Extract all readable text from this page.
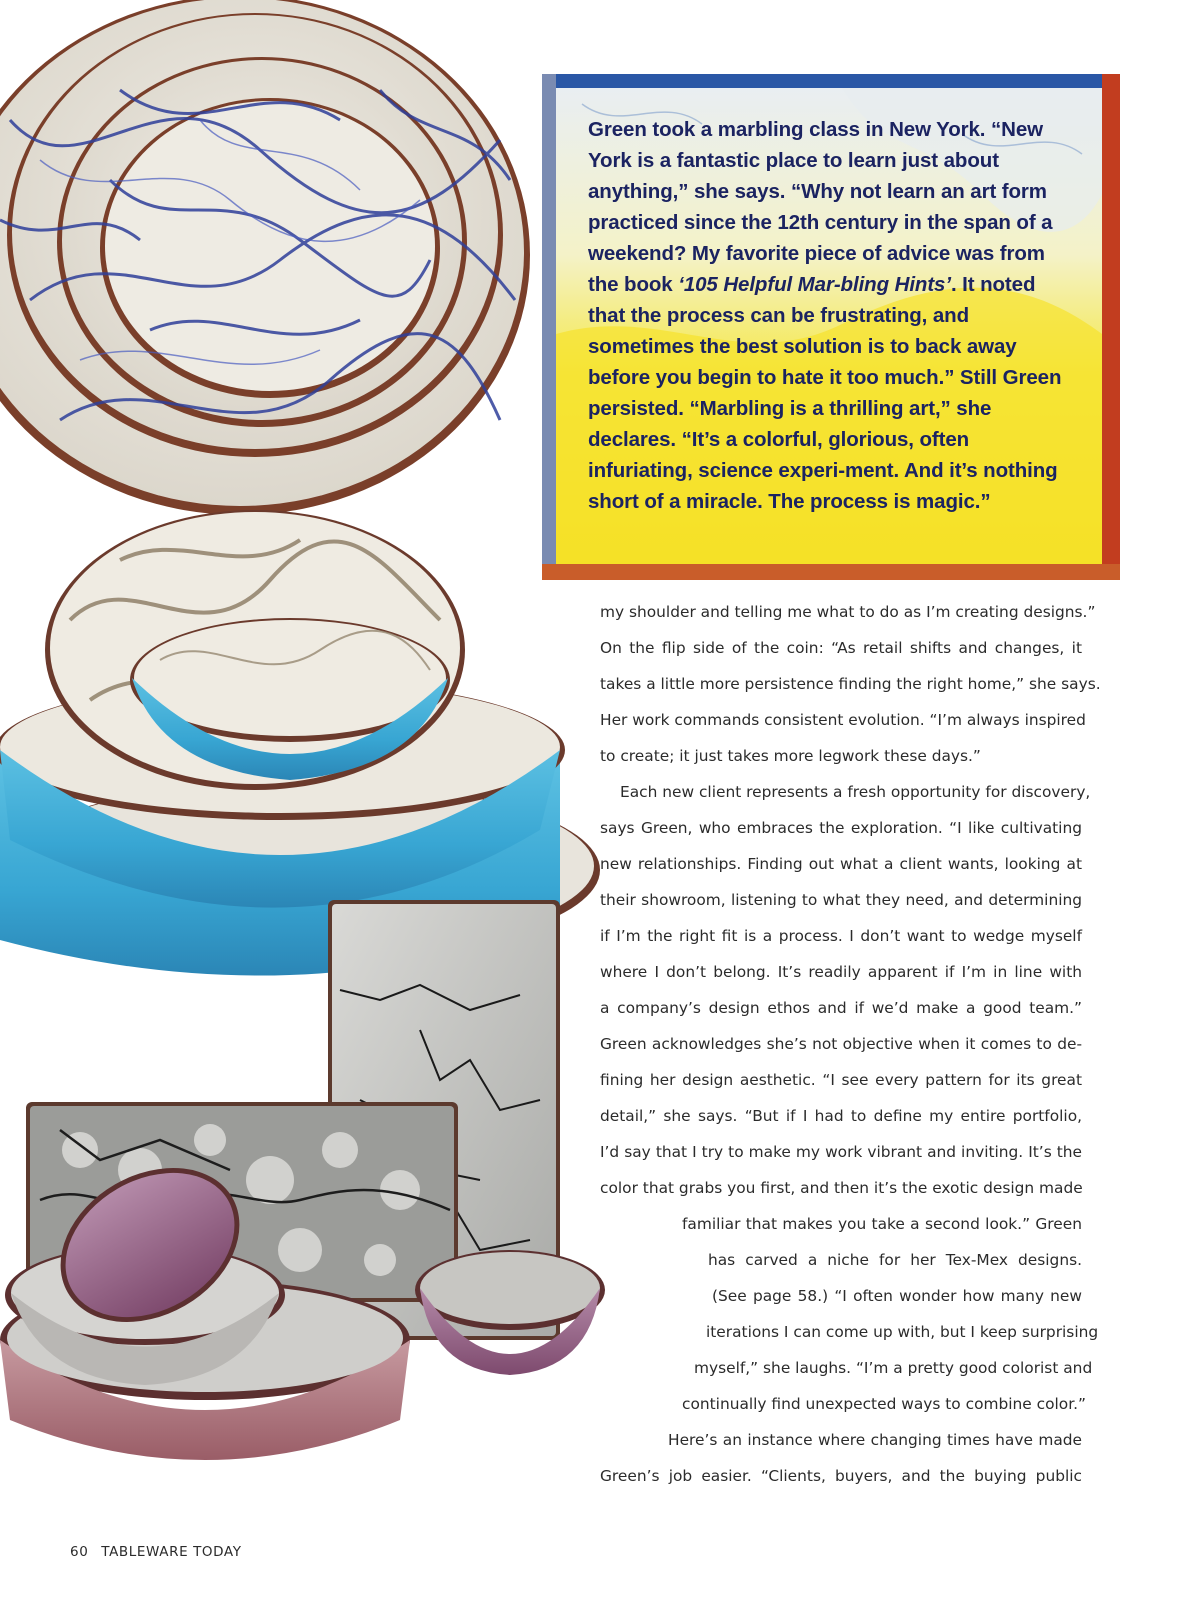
Green took a marbling class in New York. “New York is a fantastic place to learn just about anything,” she says. “Why not learn an art form practiced since the 12th century in the span of a weekend? My favorite piece of advice was from the book ‘105 Helpful Mar-bling Hints’. It noted that the process can be frustrating, and sometimes the best solution is to back away before you begin to hate it too much.” Still Green persisted. “Marbling is a thrilling art,” she declares. “It’s a colorful, glorious, often infuriating, science experi-ment. And it’s nothing short of a miracle. The process is magic.”

my shoulder and telling me what to do as I’m creating designs.”
On the flip side of the coin: “As retail shifts and changes, it
takes a little more persistence finding the right home,” she says.
Her work commands consistent evolution. “I’m always inspired
to create; it just takes more legwork these days.”
Each new client represents a fresh opportunity for discovery,
says Green, who embraces the exploration. “I like cultivating
new relationships. Finding out what a client wants, looking at
their showroom, listening to what they need, and determining
if I’m the right fit is a process. I don’t want to wedge myself
where I don’t belong. It’s readily apparent if I’m in line with
a company’s design ethos and if we’d make a good team.”
Green acknowledges she’s not objective when it comes to de-
fining her design aesthetic. “I see every pattern for its great
detail,” she says. “But if I had to define my entire portfolio,
I’d say that I try to make my work vibrant and inviting. It’s the
color that grabs you first, and then it’s the exotic design made
familiar that makes you take a second look.” Green
has carved a niche for her Tex-Mex designs.
(See page 58.) “I often wonder how many new
iterations I can come up with, but I keep surprising
myself,” she laughs. “I’m a pretty good colorist and
continually find unexpected ways to combine color.”
Here’s an instance where changing times have made
Green’s job easier. “Clients, buyers, and the buying public
60 TABLEWARE TODAY
